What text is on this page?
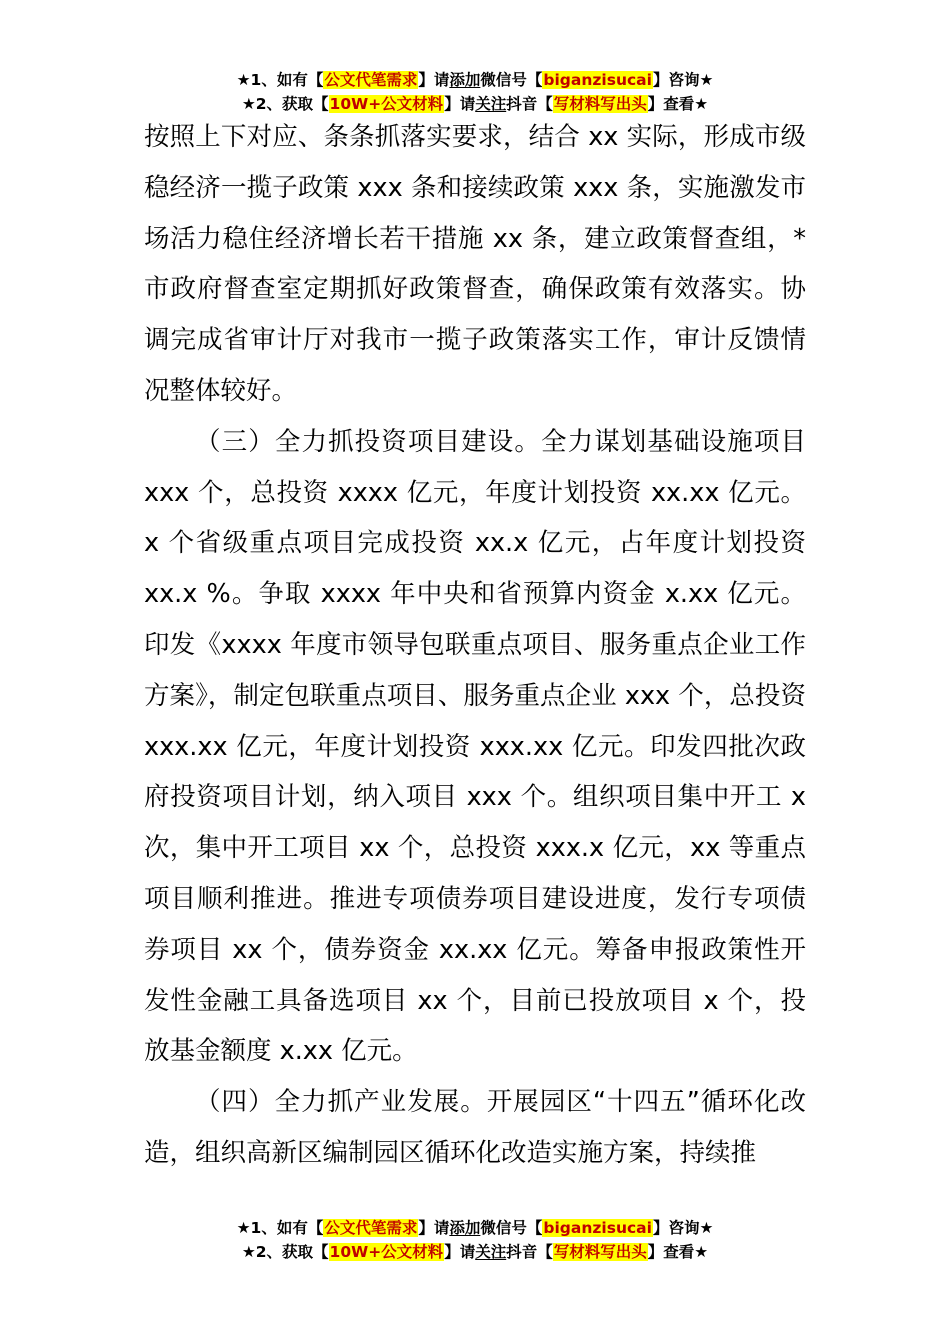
★1、如有【公文代笔需求】请添加微信号【biganzisucai】咨询★
★2、获取【10W+公文材料】请关注抖音【写材料写出头】查看★

按照上下对应、条条抓落实要求，结合 xx 实际，形成市级稳经济一揽子政策 xxx 条和接续政策 xxx 条，实施激发市场活力稳住经济增长若干措施 xx 条，建立政策督查组，*市政府督查室定期抓好政策督查，确保政策有效落实。协调完成省审计厅对我市一揽子政策落实工作，审计反馈情况整体较好。

（三）全力抓投资项目建设。全力谋划基础设施项目 xxx 个，总投资 xxxx 亿元，年度计划投资 xx.xx 亿元。x 个省级重点项目完成投资 xx.x 亿元，占年度计划投资 xx.x %。争取 xxxx 年中央和省预算内资金 x.xx 亿元。印发《xxxx 年度市领导包联重点项目、服务重点企业工作方案》，制定包联重点项目、服务重点企业 xxx 个，总投资 xxx.xx 亿元，年度计划投资 xxx.xx 亿元。印发四批次政府投资项目计划，纳入项目 xxx 个。组织项目集中开工 x 次，集中开工项目 xx 个，总投资 xxx.x 亿元，xx 等重点项目顺利推进。推进专项债券项目建设进度，发行专项债券项目 xx 个，债券资金 xx.xx 亿元。筹备申报政策性开发性金融工具备选项目 xx 个，目前已投放项目 x 个，投放基金额度 x.xx 亿元。

（四）全力抓产业发展。开展园区“十四五”循环化改造，组织高新区编制园区循环化改造实施方案，持续推

★1、如有【公文代笔需求】请添加微信号【biganzisucai】咨询★
★2、获取【10W+公文材料】请关注抖音【写材料写出头】查看★
